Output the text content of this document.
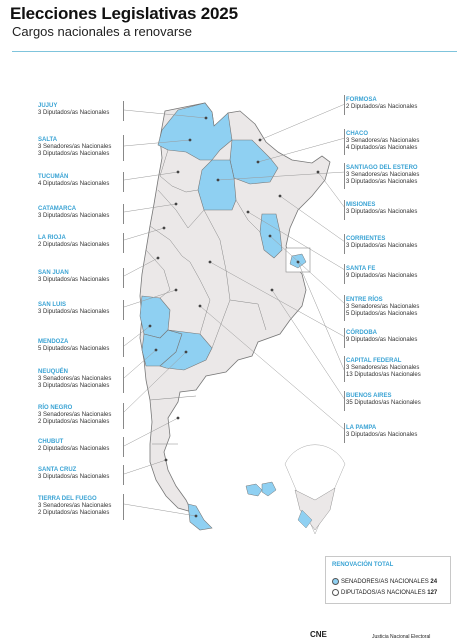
Elecciones Legislativas 2025
Cargos nacionales a renovarse
JUJUY
3 Diputados/as Nacionales
SALTA
3 Senadores/as Nacionales
3 Diputados/as Nacionales
TUCUMÁN
4 Diputados/as Nacionales
CATAMARCA
3 Diputados/as Nacionales
LA RIOJA
2 Diputados/as Nacionales
SAN JUAN
3 Diputados/as Nacionales
SAN LUIS
3 Diputados/as Nacionales
MENDOZA
5 Diputados/as Nacionales
NEUQUÉN
3 Senadores/as Nacionales
3 Diputados/as Nacionales
RÍO NEGRO
3 Senadores/as Nacionales
2 Diputados/as Nacionales
CHUBUT
2 Diputados/as Nacionales
SANTA CRUZ
3 Diputados/as Nacionales
TIERRA DEL FUEGO
3 Senadores/as Nacionales
2 Diputados/as Nacionales
FORMOSA
2 Diputados/as Nacionales
CHACO
3 Senadores/as Nacionales
4 Diputados/as Nacionales
SANTIAGO DEL ESTERO
3 Senadores/as Nacionales
3 Diputados/as Nacionales
MISIONES
3 Diputados/as Nacionales
CORRIENTES
3 Diputados/as Nacionales
SANTA FE
9 Diputados/as Nacionales
ENTRE RÍOS
3 Senadores/as Nacionales
5 Diputados/as Nacionales
CÓRDOBA
9 Diputados/as Nacionales
CAPITAL FEDERAL
3 Senadores/as Nacionales
13 Diputados/as Nacionales
BUENOS AIRES
35 Diputados/as Nacionales
LA PAMPA
3 Diputados/as Nacionales
RENOVACIÓN TOTAL
SENADORES/AS NACIONALES 24
DIPUTADOS/AS NACIONALES 127
CNE	Justicia Nacional Electoral
